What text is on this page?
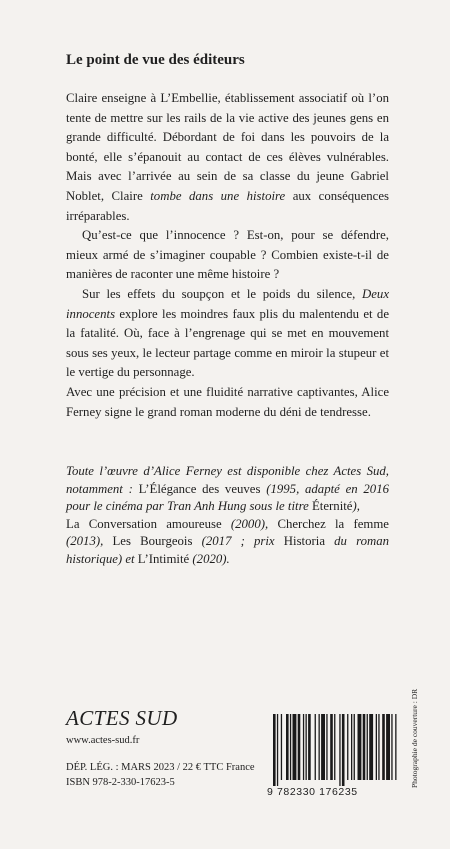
Le point de vue des éditeurs

Claire enseigne à L’Embellie, établissement associatif où l’on tente de mettre sur les rails de la vie active des jeunes gens en grande difficulté. Débordant de foi dans les pouvoirs de la bonté, elle s’épanouit au contact de ces élèves vulnérables. Mais avec l’arrivée au sein de sa classe du jeune Gabriel Noblet, Claire tombe dans une histoire aux conséquences irréparables.

Qu’est-ce que l’innocence ? Est-on, pour se défendre, mieux armé de s’imaginer coupable ? Combien existe-t-il de manières de raconter une même histoire ?

Sur les effets du soupçon et le poids du silence, Deux innocents explore les moindres faux plis du malentendu et de la fatalité. Où, face à l’engrenage qui se met en mouvement sous ses yeux, le lecteur partage comme en miroir la stupeur et le vertige du personnage.

Avec une précision et une fluidité narrative captivantes, Alice Ferney signe le grand roman moderne du déni de tendresse.

Toute l’œuvre d’Alice Ferney est disponible chez Actes Sud, notamment : L’Élégance des veuves (1995, adapté en 2016 pour le cinéma par Tran Anh Hung sous le titre Éternité),
La Conversation amoureuse (2000), Cherchez la femme (2013), Les Bourgeois (2017 ; prix Historia du roman historique) et L’Intimité (2020).
ACTES SUD
www.actes-sud.fr
DÉP. LÉG. : MARS 2023 / 22 € TTC France
ISBN 978-2-330-17623-5
9 782330 176235
Photographie de couverture : DR
